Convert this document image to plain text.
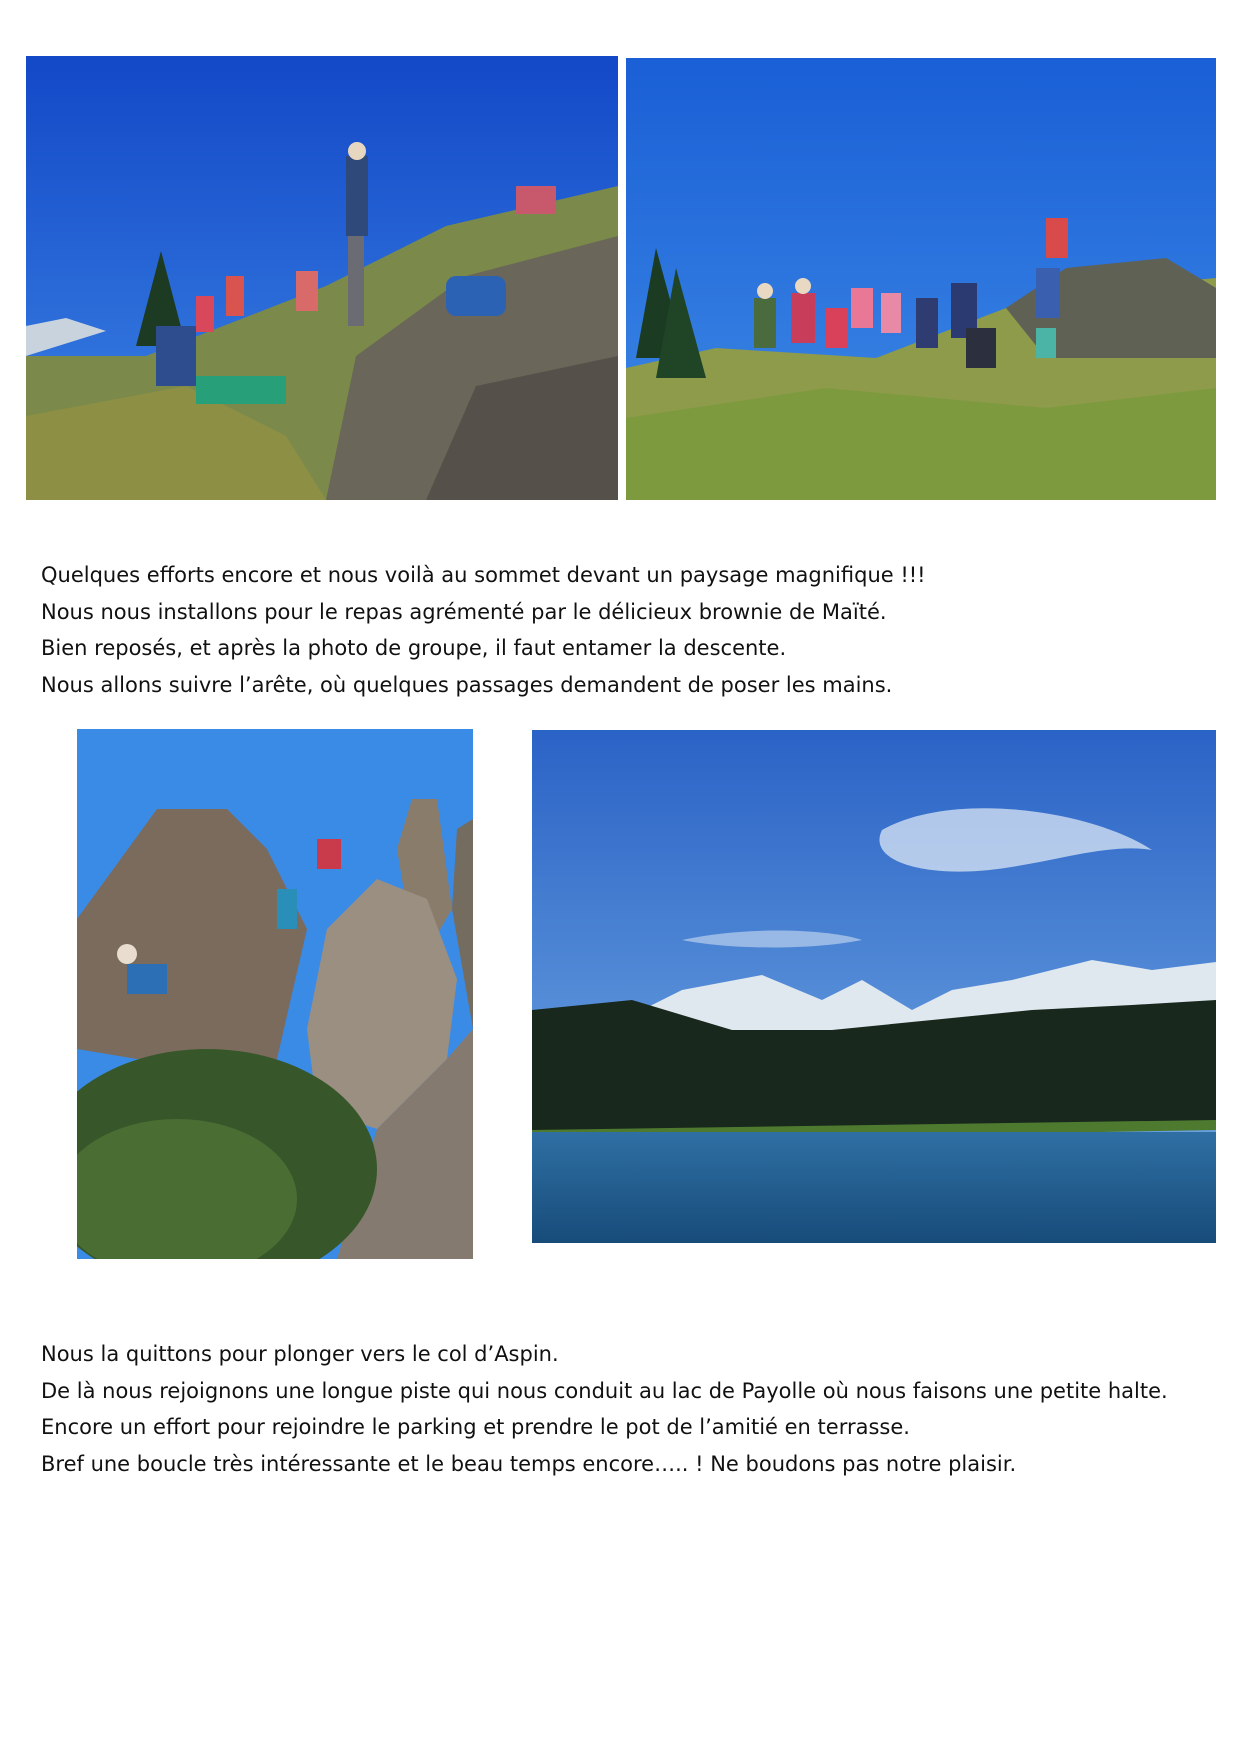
Quelques efforts encore et nous voilà au sommet devant un paysage magnifique !!!

Nous nous installons pour le repas agrémenté par le délicieux brownie de Maïté.

Bien reposés, et après la photo de groupe, il faut entamer la descente.

Nous allons suivre l’arête, où quelques passages demandent de poser les mains.

Nous la quittons pour plonger vers le col d’Aspin.

De là nous rejoignons une longue piste qui nous conduit au lac de Payolle où nous faisons une petite halte.

Encore un effort pour rejoindre le parking et prendre le pot de l’amitié en terrasse.

Bref une boucle très intéressante et le beau temps encore….. ! Ne boudons pas notre plaisir.
